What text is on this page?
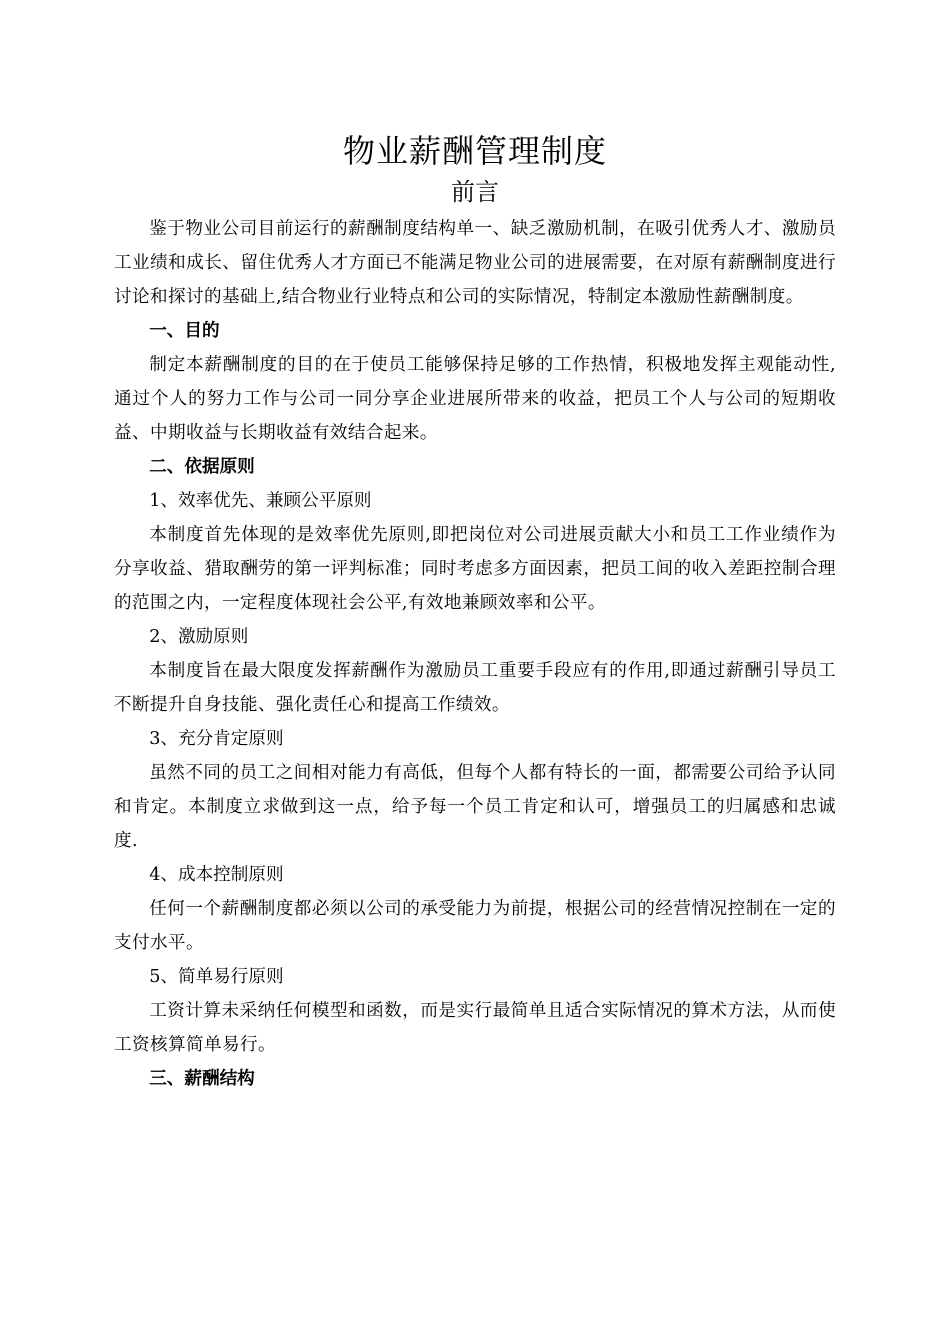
物业薪酬管理制度
前言

鉴于物业公司目前运行的薪酬制度结构单一、缺乏激励机制，在吸引优秀人才、激励员工业绩和成长、留住优秀人才方面已不能满足物业公司的进展需要，在对原有薪酬制度进行讨论和探讨的基础上,结合物业行业特点和公司的实际情况，特制定本激励性薪酬制度。

一、目的

制定本薪酬制度的目的在于使员工能够保持足够的工作热情，积极地发挥主观能动性,通过个人的努力工作与公司一同分享企业进展所带来的收益，把员工个人与公司的短期收益、中期收益与长期收益有效结合起来。

二、依据原则

1、效率优先、兼顾公平原则

本制度首先体现的是效率优先原则,即把岗位对公司进展贡献大小和员工工作业绩作为分享收益、猎取酬劳的第一评判标准；同时考虑多方面因素，把员工间的收入差距控制合理的范围之内，一定程度体现社会公平,有效地兼顾效率和公平。

2、激励原则

本制度旨在最大限度发挥薪酬作为激励员工重要手段应有的作用,即通过薪酬引导员工不断提升自身技能、强化责任心和提高工作绩效。

3、充分肯定原则

虽然不同的员工之间相对能力有高低，但每个人都有特长的一面，都需要公司给予认同和肯定。本制度立求做到这一点，给予每一个员工肯定和认可，增强员工的归属感和忠诚度.

4、成本控制原则

任何一个薪酬制度都必须以公司的承受能力为前提，根据公司的经营情况控制在一定的支付水平。

5、简单易行原则

工资计算未采纳任何模型和函数，而是实行最简单且适合实际情况的算术方法，从而使工资核算简单易行。

三、薪酬结构
